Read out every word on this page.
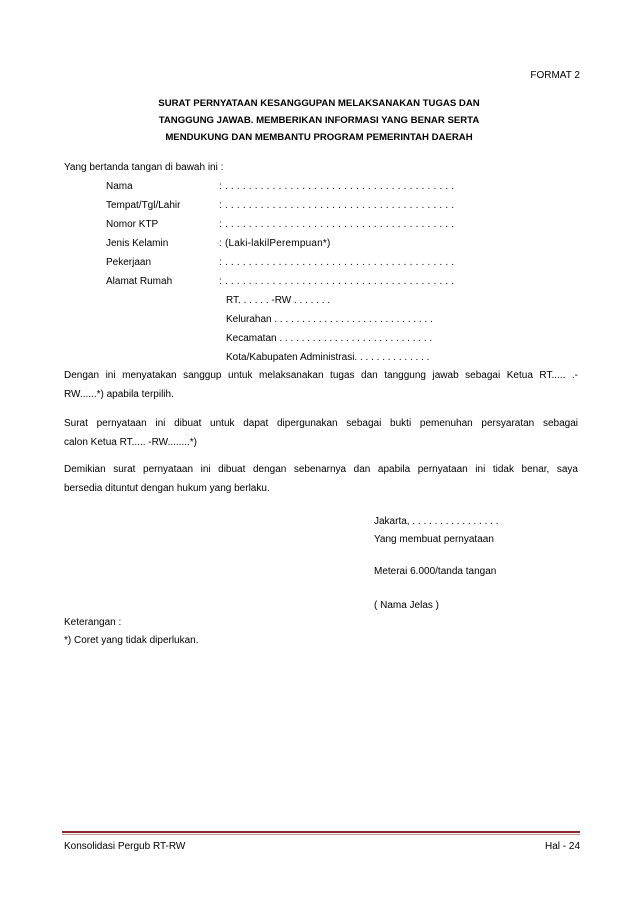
FORMAT 2
SURAT PERNYATAAN KESANGGUPAN MELAKSANAKAN TUGAS DAN
TANGGUNG JAWAB. MEMBERIKAN INFORMASI YANG BENAR SERTA
MENDUKUNG DAN MEMBANTU PROGRAM PEMERINTAH DAERAH
Yang bertanda tangan di bawah ini :
Nama	: . . . . . . . . . . . . . . . . . . . . . . . . . . . . . . . . . . . . . . .
Tempat/Tgl/Lahir	: . . . . . . . . . . . . . . . . . . . . . . . . . . . . . . . . . . . . . . .
Nomor KTP	: . . . . . . . . . . . . . . . . . . . . . . . . . . . . . . . . . . . . . . .
Jenis Kelamin	: (Laki-lakilPerempuan*)
Pekerjaan	: . . . . . . . . . . . . . . . . . . . . . . . . . . . . . . . . . . . . . . .
Alamat Rumah	: . . . . . . . . . . . . . . . . . . . . . . . . . . . . . . . . . . . . . . .
RT. . . . . . -RW . . . . . . .
Kelurahan . . . . . . . . . . . . . . . . . . . . . . . . . . . . .
Kecamatan . . . . . . . . . . . . . . . . . . . . . . . . . . . .
Kota/Kabupaten Administrasi. . . . . . . . . . . . . .
Dengan ini menyatakan sanggup untuk melaksanakan tugas dan tanggung jawab sebagai Ketua RT..... .-
RW......*) apabila terpilih.
Surat pernyataan ini dibuat untuk dapat dipergunakan sebagai bukti pemenuhan persyaratan sebagai
calon Ketua RT..... -RW........*)
Demikian surat pernyataan ini dibuat dengan sebenarnya dan apabila pernyataan ini tidak benar, saya
bersedia dituntut dengan hukum yang berlaku.
Jakarta, . . . . . . . . . . . . . . . .
Yang membuat pernyataan
Meterai 6.000/tanda tangan
( Nama Jelas )
Keterangan :
*) Coret yang tidak diperlukan.
Konsolidasi Pergub RT-RW	Hal - 24
